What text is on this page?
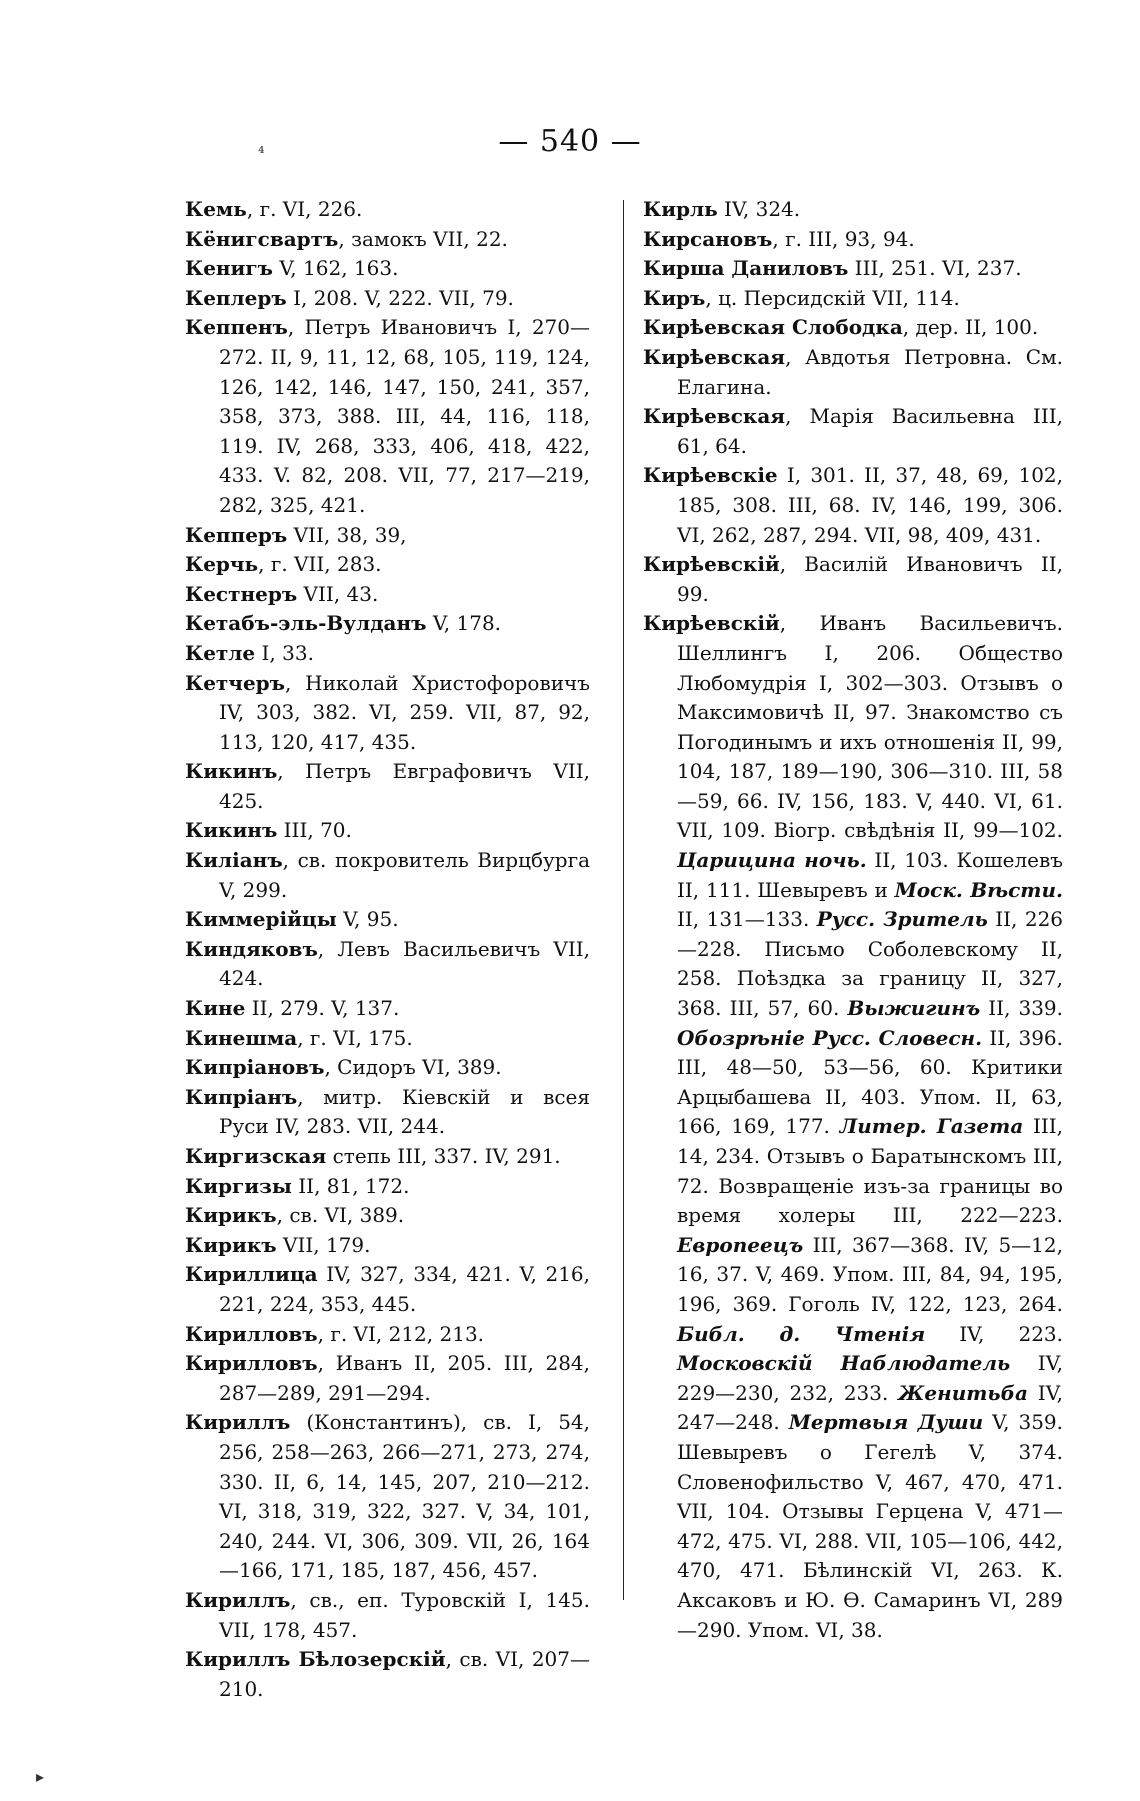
— 540 —
⁴
Кемь, г. VI, 226.
Кёнигсвартъ, замокъ VII, 22.
Кенигъ V, 162, 163.
Кеплеръ I, 208. V, 222. VII, 79.
Кеппенъ, Петръ Ивановичъ I, 270—272. II, 9, 11, 12, 68, 105, 119, 124, 126, 142, 146, 147, 150, 241, 357, 358, 373, 388. III, 44, 116, 118, 119. IV, 268, 333, 406, 418, 422, 433. V. 82, 208. VII, 77, 217—219, 282, 325, 421.
Кепперъ VII, 38, 39,
Керчь, г. VII, 283.
Кестнеръ VII, 43.
Кетабъ-эль-Вулданъ V, 178.
Кетле I, 33.
Кетчеръ, Николай Христофоровичъ IV, 303, 382. VI, 259. VII, 87, 92, 113, 120, 417, 435.
Кикинъ, Петръ Евграфовичъ VII, 425.
Кикинъ III, 70.
Киліанъ, св. покровитель Вирцбурга V, 299.
Киммерійцы V, 95.
Киндяковъ, Левъ Васильевичъ VII, 424.
Кине II, 279. V, 137.
Кинешма, г. VI, 175.
Кипріановъ, Сидоръ VI, 389.
Кипріанъ, митр. Кіевскій и всея Руси IV, 283. VII, 244.
Киргизская степь III, 337. IV, 291.
Киргизы II, 81, 172.
Кирикъ, св. VI, 389.
Кирикъ VII, 179.
Кириллица IV, 327, 334, 421. V, 216, 221, 224, 353, 445.
Кирилловъ, г. VI, 212, 213.
Кирилловъ, Иванъ II, 205. III, 284, 287—289, 291—294.
Кириллъ (Константинъ), св. I, 54, 256, 258—263, 266—271, 273, 274, 330. II, 6, 14, 145, 207, 210—212. VI, 318, 319, 322, 327. V, 34, 101, 240, 244. VI, 306, 309. VII, 26, 164—166, 171, 185, 187, 456, 457.
Кириллъ, св., еп. Туровскій I, 145. VII, 178, 457.
Кириллъ Бѣлозерскій, св. VI, 207—210.
Кирль IV, 324.
Кирсановъ, г. III, 93, 94.
Кирша Даниловъ III, 251. VI, 237.
Киръ, ц. Персидскій VII, 114.
Кирѣевская Слободка, дер. II, 100.
Кирѣевская, Авдотья Петровна. См. Елагина.
Кирѣевская, Марія Васильевна III, 61, 64.
Кирѣевскіе I, 301. II, 37, 48, 69, 102, 185, 308. III, 68. IV, 146, 199, 306. VI, 262, 287, 294. VII, 98, 409, 431.
Кирѣевскій, Василій Ивановичъ II, 99.
Кирѣевскій, Иванъ Васильевичъ. Шеллингъ I, 206. Общество Любомудрія I, 302—303. Отзывъ о Максимовичѣ II, 97. Знакомство съ Погодинымъ и ихъ отношенія II, 99, 104, 187, 189—190, 306—310. III, 58—59, 66. IV, 156, 183. V, 440. VI, 61. VII, 109. Віогр. свѣдѣнія II, 99—102. Царицина ночь. II, 103. Кошелевъ II, 111. Шевыревъ и Моск. Вѣсти. II, 131—133. Русс. Зритель II, 226—228. Письмо Соболевскому II, 258. Поѣздка за границу II, 327, 368. III, 57, 60. Выжигинъ II, 339. Обозрѣніе Русс. Словесн. II, 396. III, 48—50, 53—56, 60. Критики Арцыбашева II, 403. Упом. II, 63, 166, 169, 177. Литер. Газета III, 14, 234. Отзывъ о Баратынскомъ III, 72. Возвращеніе изъ-за границы во время холеры III, 222—223. Европеецъ III, 367—368. IV, 5—12, 16, 37. V, 469. Упом. III, 84, 94, 195, 196, 369. Гоголь IV, 122, 123, 264. Библ. д. Чтенія IV, 223. Московскій Наблюдатель IV, 229—230, 232, 233. Женитьба IV, 247—248. Мертвыя Души V, 359. Шевыревъ о Гегелѣ V, 374. Словенофильство V, 467, 470, 471. VII, 104. Отзывы Герцена V, 471—472, 475. VI, 288. VII, 105—106, 442, 470, 471. Бѣлинскій VI, 263. К. Аксаковъ и Ю. Ѳ. Самаринъ VI, 289—290. Упом. VI, 38.
▸
